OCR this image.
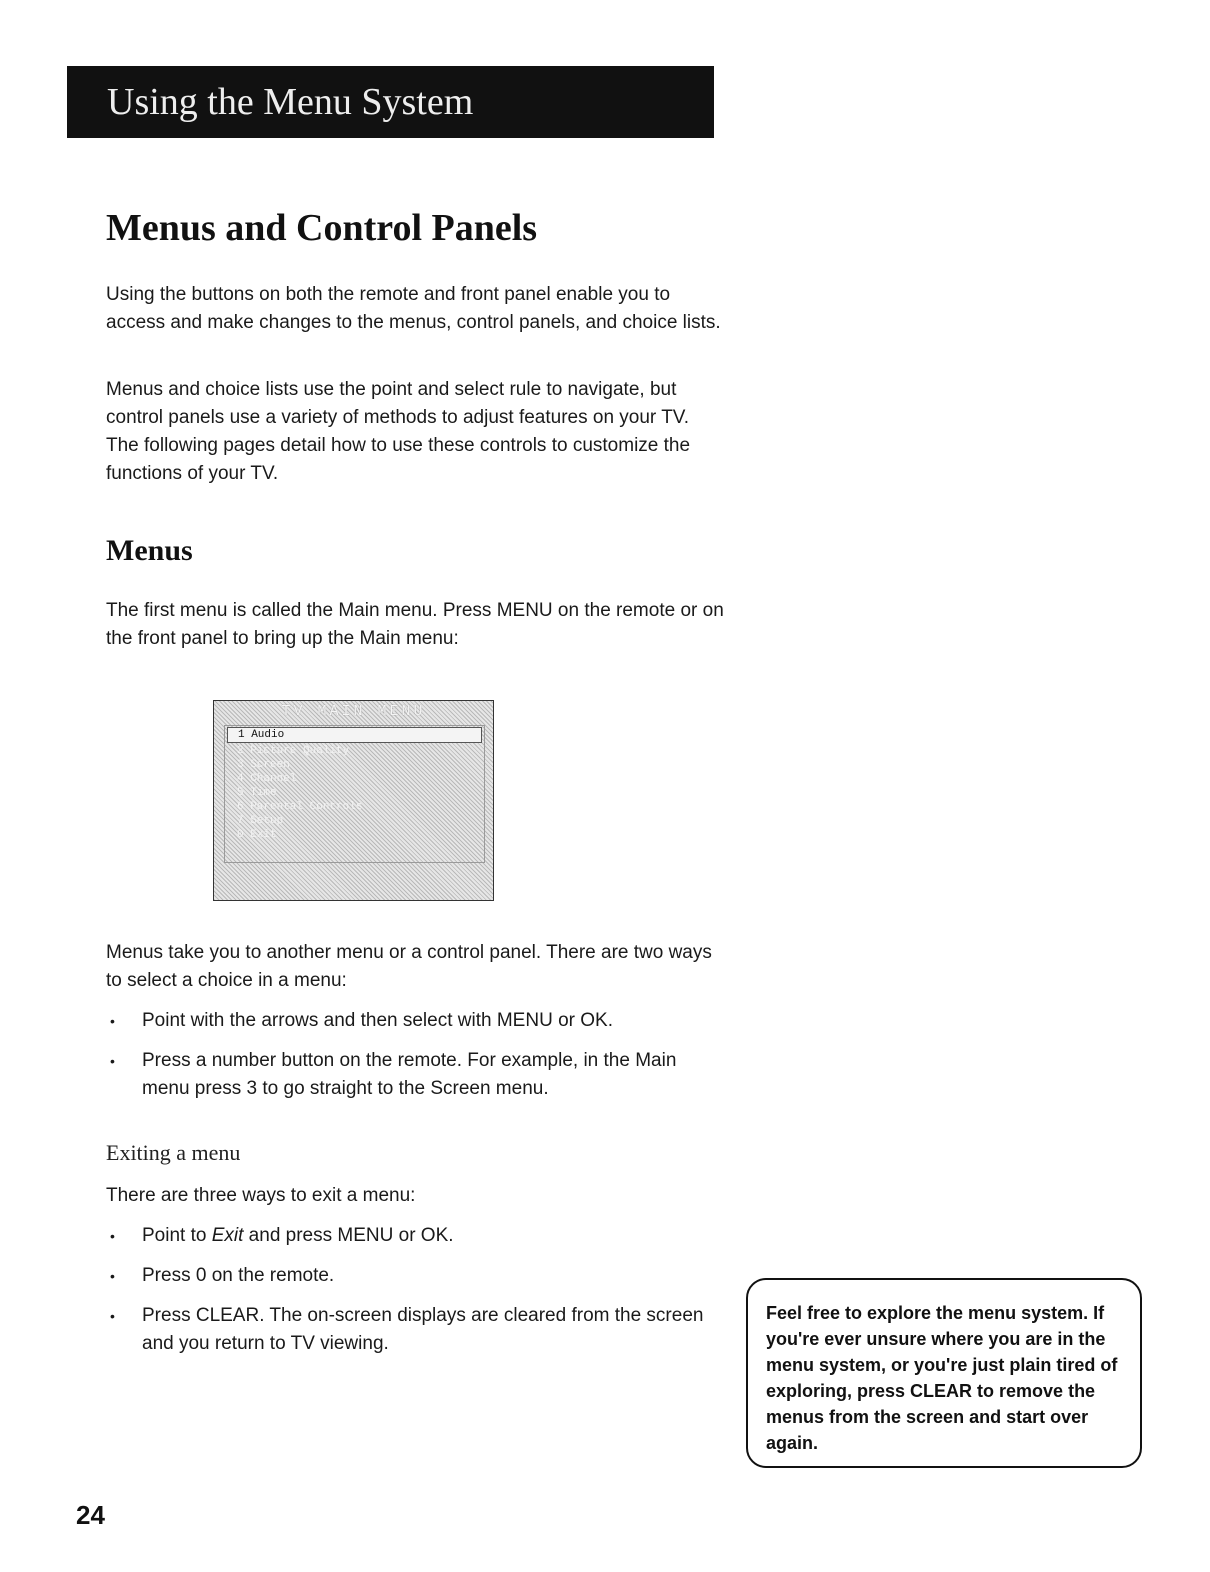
Using the Menu System
Menus and Control Panels

Using the buttons on both the remote and front panel enable you to access and make changes to the menus, control panels, and choice lists.

Menus and choice lists use the point and select rule to navigate, but control panels use a variety of methods to adjust features on your TV. The following pages detail how to use these controls to customize the functions of your TV.

Menus

The first menu is called the Main menu. Press MENU on the remote or on the front panel to bring up the Main menu:

TV MAIN MENU
1 Audio
2 Picture Quality
3 Screen
4 Channel
5 Time
6 Parental Controls
7 Setup
0 Exit

Menus take you to another menu or a control panel. There are two ways to select a choice in a menu:

• Point with the arrows and then select with MENU or OK.
• Press a number button on the remote. For example, in the Main menu press 3 to go straight to the Screen menu.
Exiting a menu

There are three ways to exit a menu:

• Point to Exit and press MENU or OK.
• Press 0 on the remote.
• Press CLEAR. The on-screen displays are cleared from the screen and you return to TV viewing.

Feel free to explore the menu system. If you're ever unsure where you are in the menu system, or you're just plain tired of exploring, press CLEAR to remove the menus from the screen and start over again.

24
